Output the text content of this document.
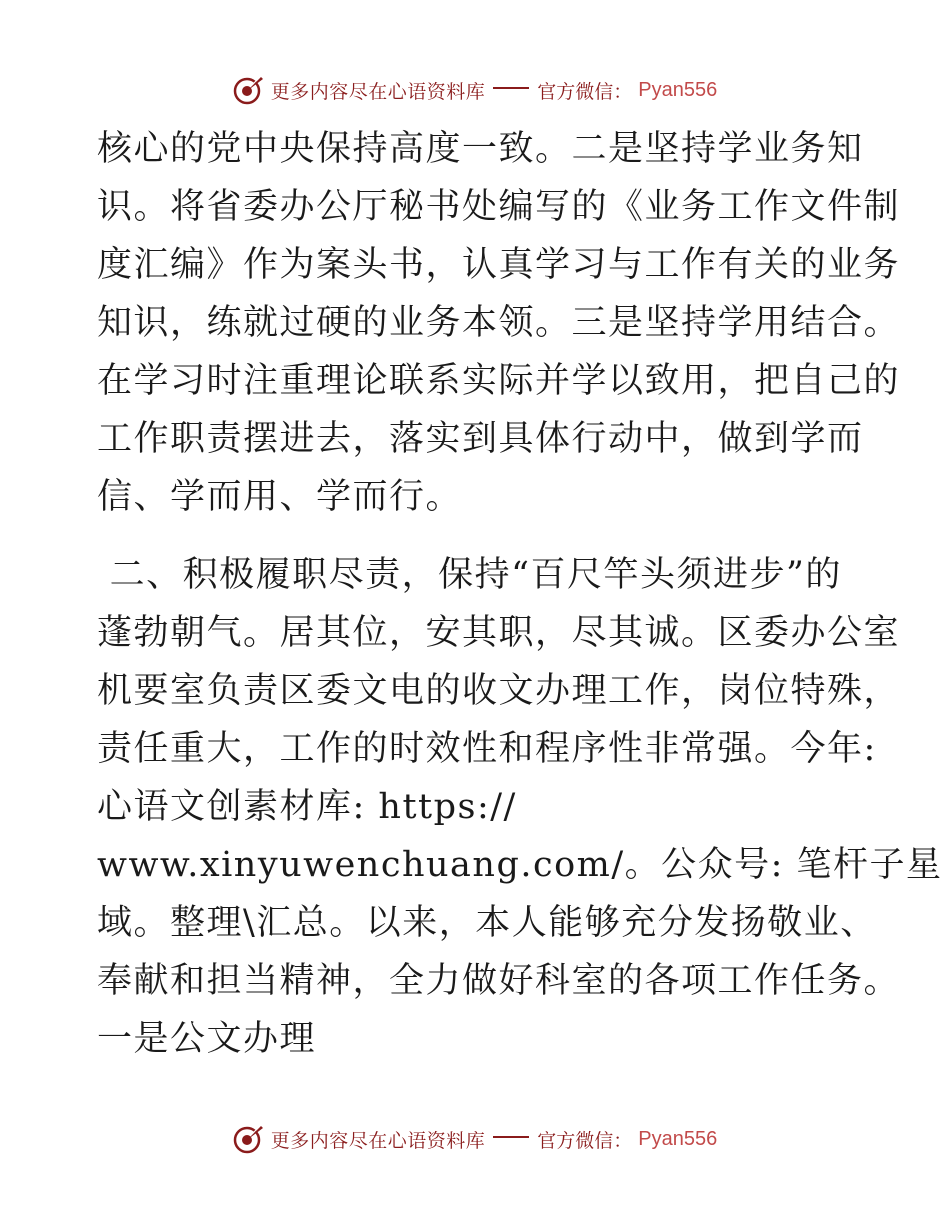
更多内容尽在心语资料库	官方微信： Pyan556
核心的党中央保持高度一致。二是坚持学业务知
识。将省委办公厅秘书处编写的《业务工作文件制
度汇编》作为案头书，认真学习与工作有关的业务
知识，练就过硬的业务本领。三是坚持学用结合。
在学习时注重理论联系实际并学以致用，把自己的
工作职责摆进去，落实到具体行动中，做到学而
信、学而用、学而行。
二、积极履职尽责，保持“百尺竿头须进步”的
蓬勃朝气。居其位，安其职，尽其诚。区委办公室
机要室负责区委文电的收文办理工作，岗位特殊，
责任重大，工作的时效性和程序性非常强。今年:
心语文创素材库: https://
www.xinyuwenchuang.com/。公众号: 笔杆子星
域。整理\汇总。以来，本人能够充分发扬敬业、
奉献和担当精神，全力做好科室的各项工作任务。
一是公文办理
更多内容尽在心语资料库	官方微信： Pyan556
